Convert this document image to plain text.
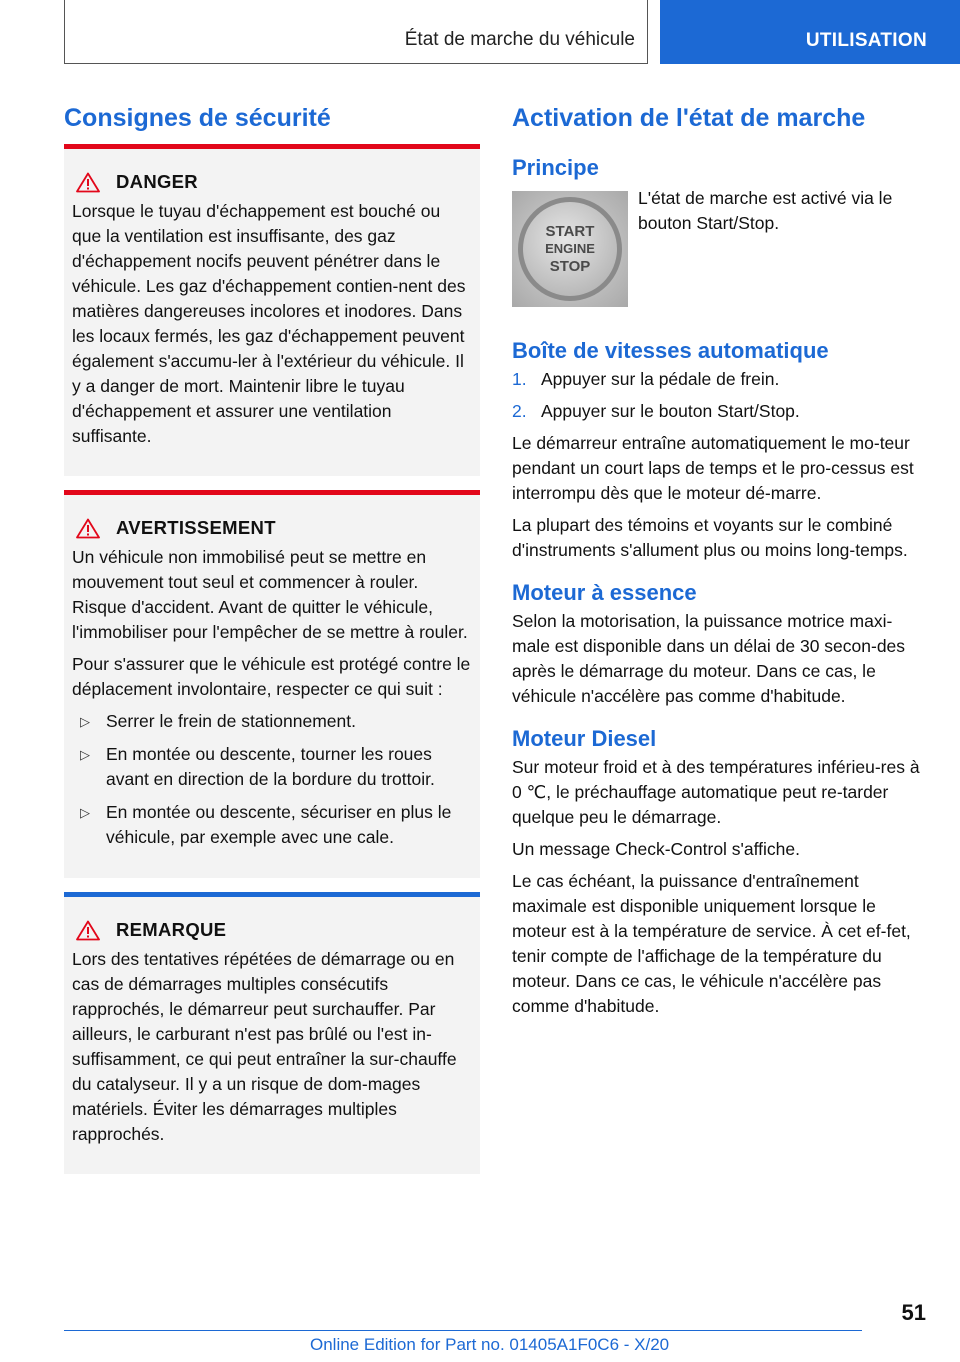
État de marche du véhicule	UTILISATION
Consignes de sécurité
DANGER

Lorsque le tuyau d'échappement est bouché ou que la ventilation est insuffisante, des gaz d'échappement nocifs peuvent pénétrer dans le véhicule. Les gaz d'échappement contien-nent des matières dangereuses incolores et inodores. Dans les locaux fermés, les gaz d'échappement peuvent également s'accumu-ler à l'extérieur du véhicule. Il y a danger de mort. Maintenir libre le tuyau d'échappement et assurer une ventilation suffisante.

AVERTISSEMENT

Un véhicule non immobilisé peut se mettre en mouvement tout seul et commencer à rouler. Risque d'accident. Avant de quitter le véhicule, l'immobiliser pour l'empêcher de se mettre à rouler.

Pour s'assurer que le véhicule est protégé contre le déplacement involontaire, respecter ce qui suit :

▷ Serrer le frein de stationnement.
▷ En montée ou descente, tourner les roues avant en direction de la bordure du trottoir.
▷ En montée ou descente, sécuriser en plus le véhicule, par exemple avec une cale.
REMARQUE

Lors des tentatives répétées de démarrage ou en cas de démarrages multiples consécutifs rapprochés, le démarreur peut surchauffer. Par ailleurs, le carburant n'est pas brûlé ou l'est in-suffisamment, ce qui peut entraîner la sur-chauffe du catalyseur. Il y a un risque de dom-mages matériels. Éviter les démarrages multiples rapprochés.

Activation de l'état de marche
Principe
START
ENGINE
STOP

L'état de marche est activé via le bouton Start/Stop.

Boîte de vitesses automatique
1. Appuyer sur la pédale de frein.
2. Appuyer sur le bouton Start/Stop.

Le démarreur entraîne automatiquement le mo-teur pendant un court laps de temps et le pro-cessus est interrompu dès que le moteur dé-marre.

La plupart des témoins et voyants sur le combiné d'instruments s'allument plus ou moins long-temps.

Moteur à essence

Selon la motorisation, la puissance motrice maxi-male est disponible dans un délai de 30 secon-des après le démarrage du moteur. Dans ce cas, le véhicule n'accélère pas comme d'habitude.

Moteur Diesel

Sur moteur froid et à des températures inférieu-res à 0 ℃, le préchauffage automatique peut re-tarder quelque peu le démarrage.

Un message Check-Control s'affiche.

Le cas échéant, la puissance d'entraînement maximale est disponible uniquement lorsque le moteur est à la température de service. À cet ef-fet, tenir compte de l'affichage de la température du moteur. Dans ce cas, le véhicule n'accélère pas comme d'habitude.

51
Online Edition for Part no. 01405A1F0C6 - X/20
